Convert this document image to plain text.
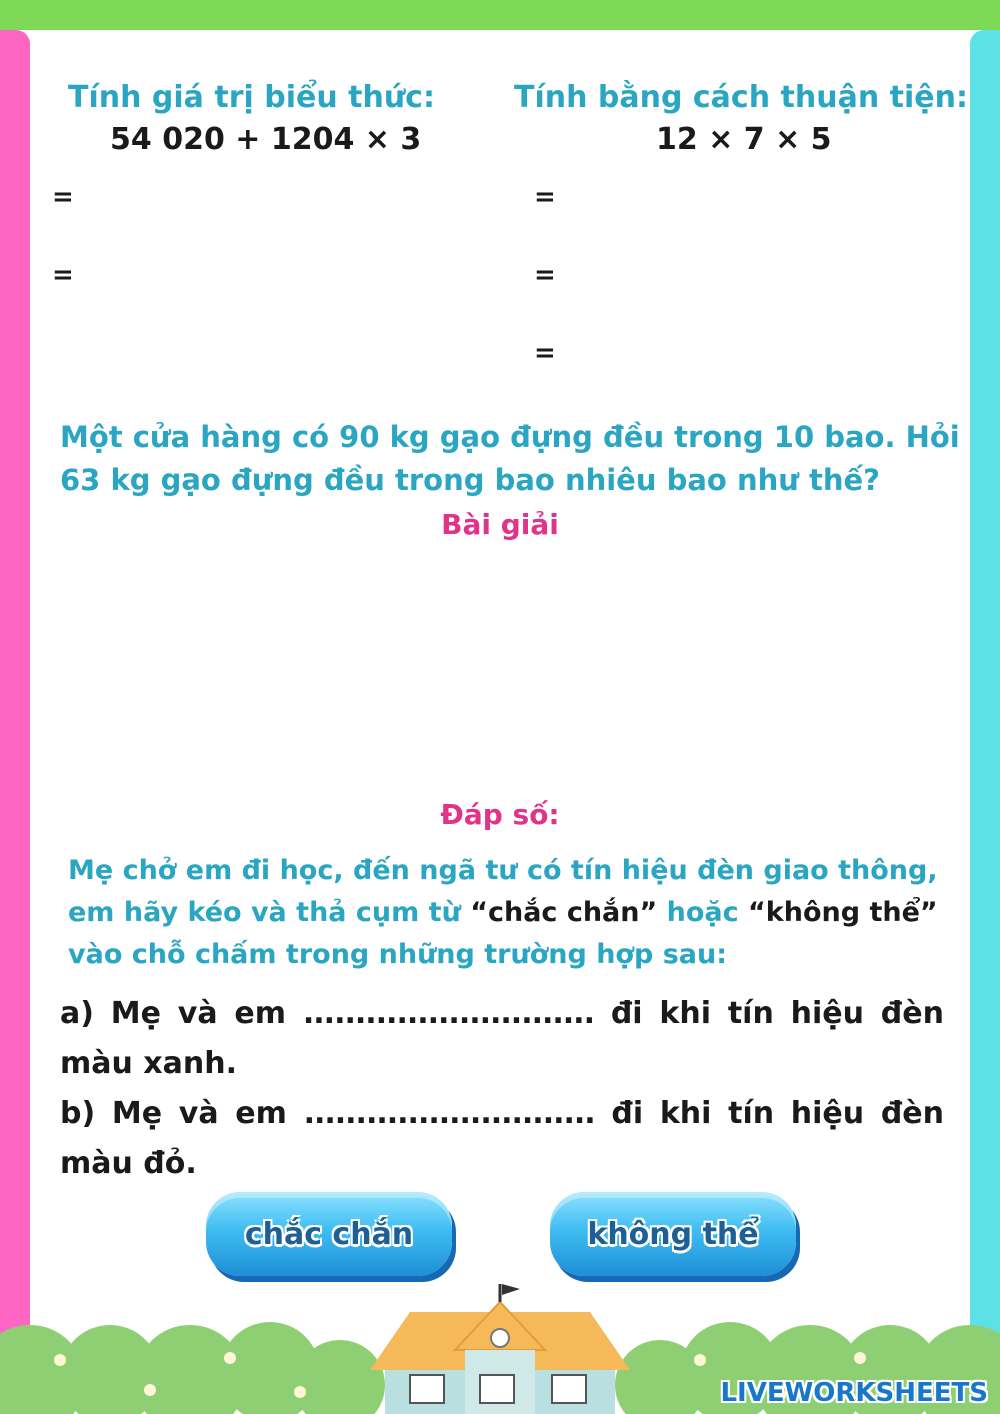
Tính giá trị biểu thức:
54 020 + 1204 × 3
=
=
Tính bằng cách thuận tiện:
12 × 7 × 5
=
=
=
Một cửa hàng có 90 kg gạo đựng đều trong 10 bao. Hỏi
63 kg gạo đựng đều trong bao nhiêu bao như thế?
Bài giải
Đáp số:
Mẹ chở em đi học, đến ngã tư có tín hiệu đèn giao thông,
em hãy kéo và thả cụm từ “chắc chắn” hoặc “không thể”
vào chỗ chấm trong những trường hợp sau:
a) Mẹ và em ............................ đi khi tín hiệu đèn
màu xanh.
b) Mẹ và em ............................ đi khi tín hiệu đèn
màu đỏ.
chắc chắn	không thể
LIVEWORKSHEETS
